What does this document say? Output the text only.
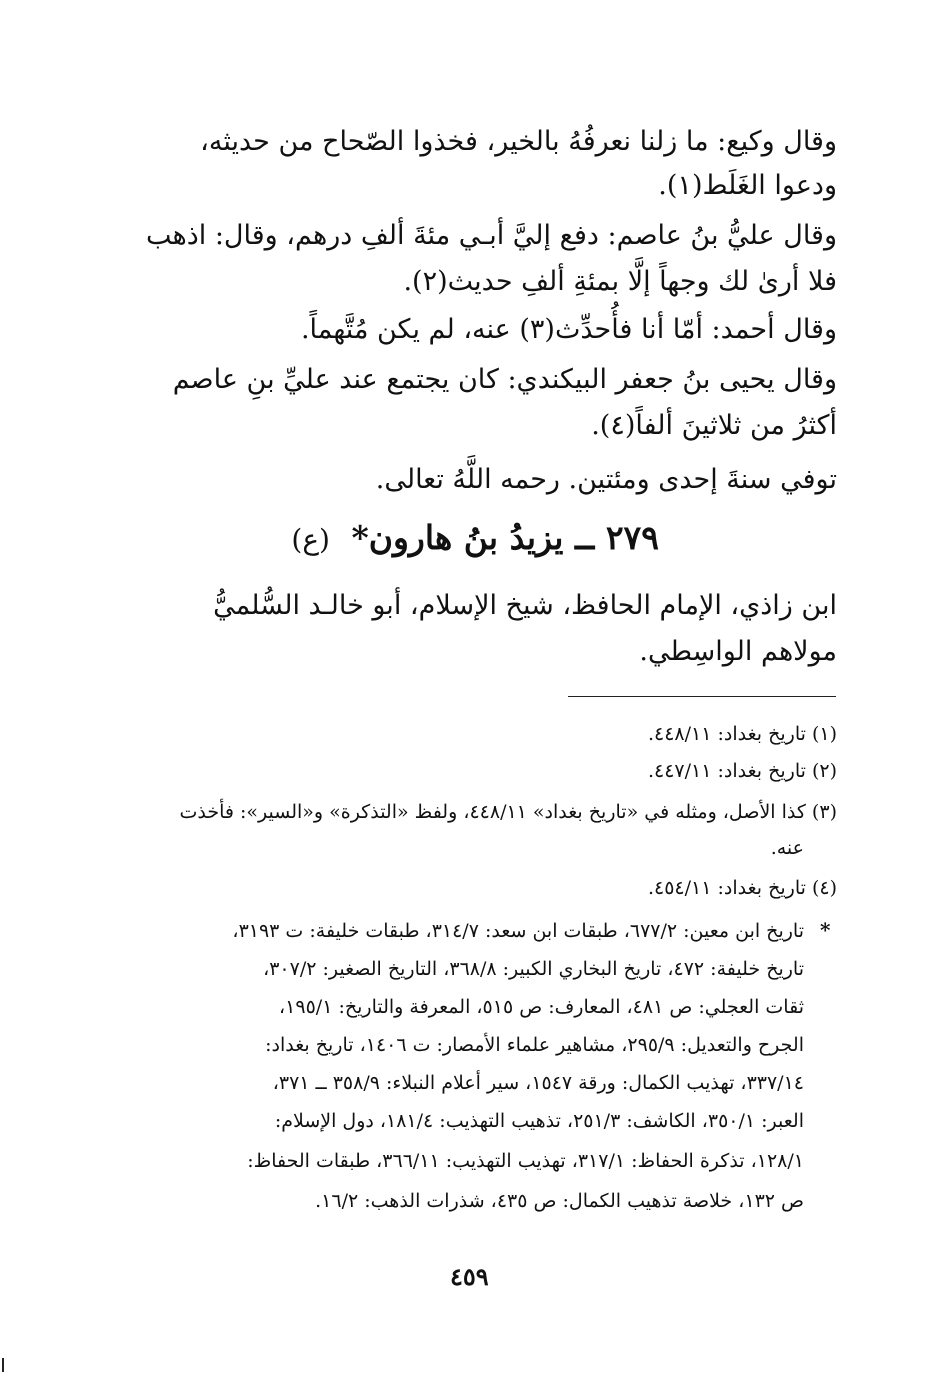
وقال وكيع: ما زلنا نعرفُهُ بالخير، فخذوا الصّحاح من حديثه،
ودعوا الغَلَط(١).
وقال عليُّ بنُ عاصم: دفع إليَّ أبـي مئةَ ألفِ درهم، وقال: اذهب
فلا أرىٰ لك وجهاً إلَّا بمئةِ ألفِ حديث(٢).
وقال أحمد: أمّا أنا فأُحدِّث(٣) عنه، لم يكن مُتَّهماً.
وقال يحيى بنُ جعفر البيكندي: كان يجتمع عند عليِّ بنِ عاصم
أكثرُ من ثلاثينَ ألفاً(٤).
توفي سنةَ إحدى ومئتين. رحمه اللَّهُ تعالى.
٢٧٩ ــ يزيدُ بنُ هارون* (ع)
ابن زاذي، الإمام الحافظ، شيخ الإسلام، أبو خالـد السُّلميُّ
مولاهم الواسِطي.
(١) تاريخ بغداد: ٤٤٨/١١.
(٢) تاريخ بغداد: ٤٤٧/١١.
(٣) كذا الأصل، ومثله في «تاريخ بغداد» ٤٤٨/١١، ولفظ «التذكرة» و«السير»: فأخذت
عنه.
(٤) تاريخ بغداد: ٤٥٤/١١.
*
تاريخ ابن معين: ٦٧٧/٢، طبقات ابن سعد: ٣١٤/٧، طبقات خليفة: ت ٣١٩٣،
تاريخ خليفة: ٤٧٢، تاريخ البخاري الكبير: ٣٦٨/٨، التاريخ الصغير: ٣٠٧/٢،
ثقات العجلي: ص ٤٨١، المعارف: ص ٥١٥، المعرفة والتاريخ: ١٩٥/١،
الجرح والتعديل: ٢٩٥/٩، مشاهير علماء الأمصار: ت ١٤٠٦، تاريخ بغداد:
٣٣٧/١٤، تهذيب الكمال: ورقة ١٥٤٧، سير أعلام النبلاء: ٣٥٨/٩ ــ ٣٧١،
العبر: ٣٥٠/١، الكاشف: ٢٥١/٣، تذهيب التهذيب: ١٨١/٤، دول الإسلام:
١٢٨/١، تذكرة الحفاظ: ٣١٧/١، تهذيب التهذيب: ٣٦٦/١١، طبقات الحفاظ:
ص ١٣٢، خلاصة تذهيب الكمال: ص ٤٣٥، شذرات الذهب: ١٦/٢.
٤٥٩
